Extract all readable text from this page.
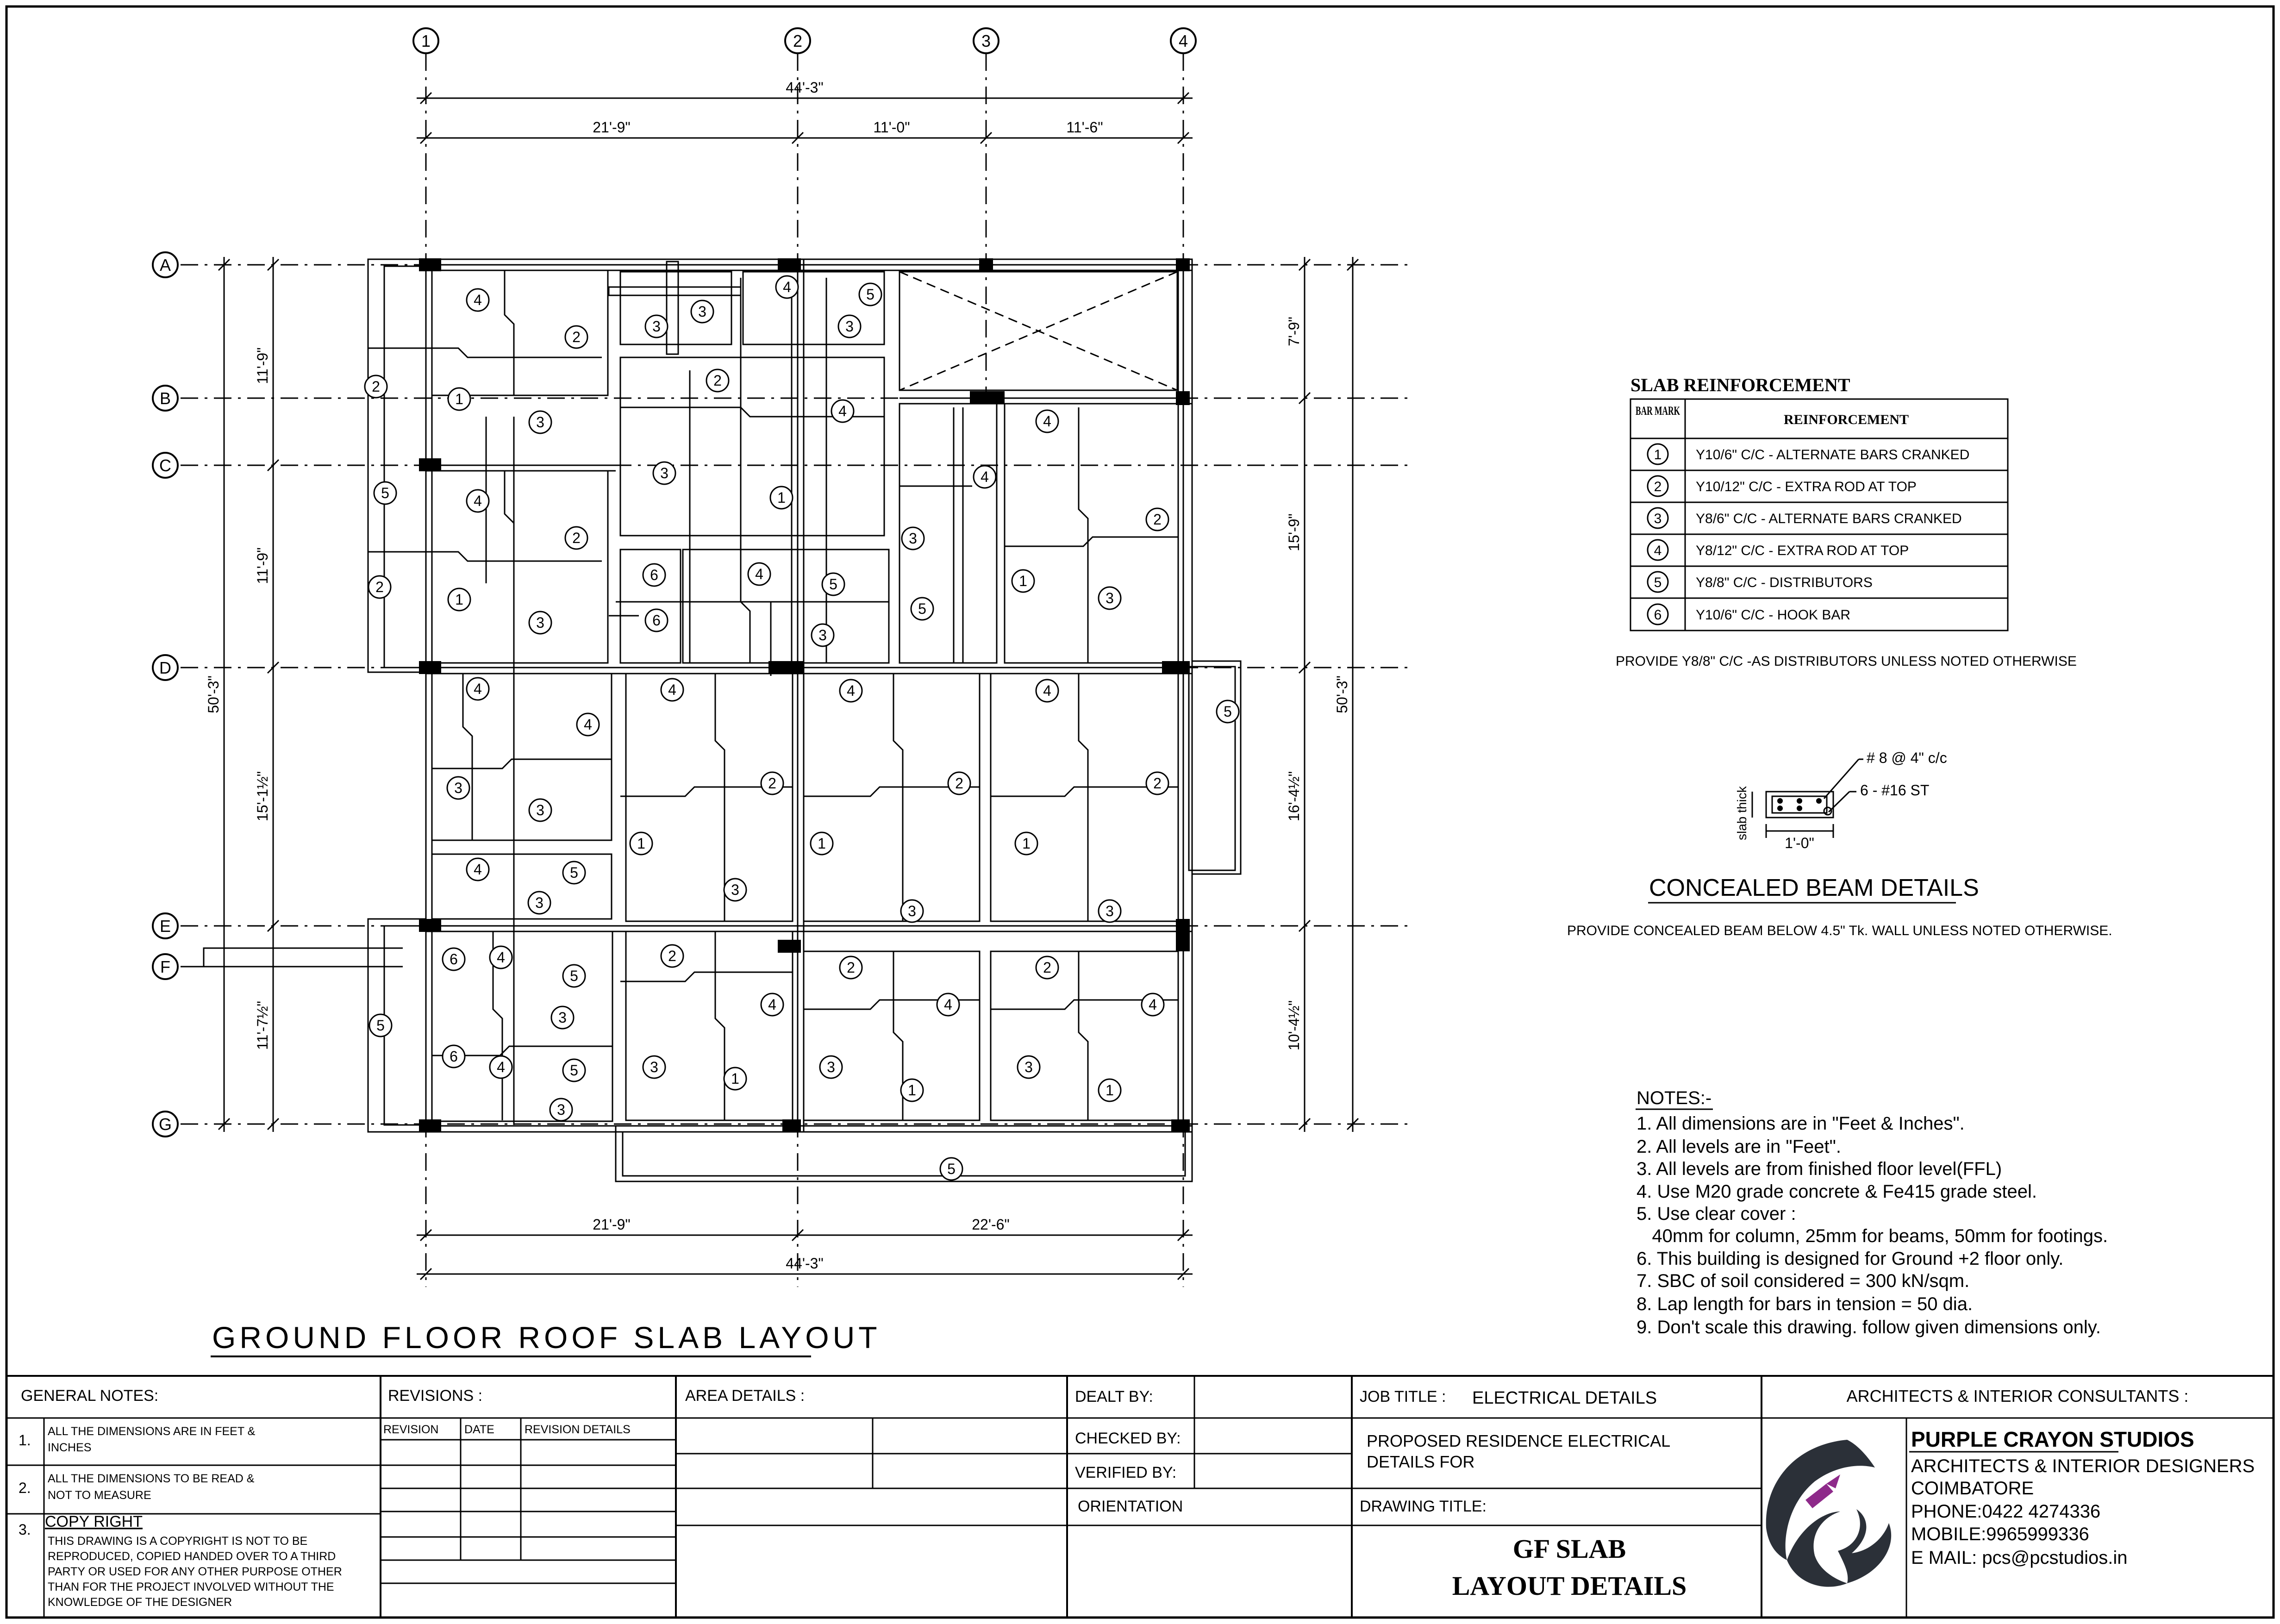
1	2	3	4
A
B
C
D
E
F
G
44'-3"
21'-9"	11'-0"	11'-6"
21'-9"	22'-6"
44'-3"
50'-3"
11'-9"
11'-9"
15'-1½"
11'-7½"
7'-9"
15'-9"
16'-4½"
10'-4½"
50'-3"
4
2
2
1
3
5	4
2
2
1
3
3
3
4	5
3
2
4
3
1
6
6
4
5
3
4
3
5
4
2
1
3
4
4
3
3
4	5
3
4
1
3
2
4
1
3
2
4
1
3
2
5
6	4
5
3
5
6
4	5
3
2
4
3
1
2
4
3
1
2
4
3
1
5
GROUND FLOOR ROOF SLAB LAYOUT
SLAB REINFORCEMENT
BAR MARK
REINFORCEMENT
1 Y10/6" C/C - ALTERNATE BARS CRANKED
2 Y10/12" C/C - EXTRA ROD AT TOP
3 Y8/6" C/C - ALTERNATE BARS CRANKED
4 Y8/12" C/C - EXTRA ROD AT TOP
5 Y8/8" C/C - DISTRIBUTORS
6 Y10/6" C/C - HOOK BAR
PROVIDE Y8/8" C/C -AS DISTRIBUTORS UNLESS NOTED OTHERWISE
# 8 @ 4" c/c
6 - #16 ST
slab thick
1'-0"
CONCEALED BEAM DETAILS
PROVIDE CONCEALED BEAM BELOW 4.5" Tk. WALL UNLESS NOTED OTHERWISE.
NOTES:-
1. All dimensions are in "Feet & Inches".
2. All levels are in "Feet".
3. All levels are from finished floor level(FFL)
4. Use M20 grade concrete & Fe415 grade steel.
5. Use clear cover :
40mm for column, 25mm for beams, 50mm for footings.
6. This building is designed for Ground +2 floor only.
7. SBC of soil considered = 300 kN/sqm.
8. Lap length for bars in tension = 50 dia.
9. Don't scale this drawing. follow given dimensions only.
GENERAL NOTES:
1.
ALL THE DIMENSIONS ARE IN FEET &
INCHES
2.
ALL THE DIMENSIONS TO BE READ &
NOT TO MEASURE
3. COPY RIGHT
THIS DRAWING IS A COPYRIGHT IS NOT TO BE
REPRODUCED, COPIED HANDED OVER TO A THIRD
PARTY OR USED FOR ANY OTHER PURPOSE OTHER
THAN FOR THE PROJECT INVOLVED WITHOUT THE
KNOWLEDGE OF THE DESIGNER
REVISIONS :
REVISION DATE	REVISION DETAILS
AREA DETAILS :	DEALT BY:
CHECKED BY:
VERIFIED BY:
ORIENTATION
JOB TITLE : ELECTRICAL DETAILS
PROPOSED RESIDENCE ELECTRICAL
DETAILS FOR
DRAWING TITLE:
GF SLAB
LAYOUT DETAILS
ARCHITECTS & INTERIOR CONSULTANTS :
PURPLE CRAYON STUDIOS
ARCHITECTS & INTERIOR DESIGNERS
COIMBATORE
PHONE:0422 4274336
MOBILE:9965999336
E MAIL: pcs@pcstudios.in
